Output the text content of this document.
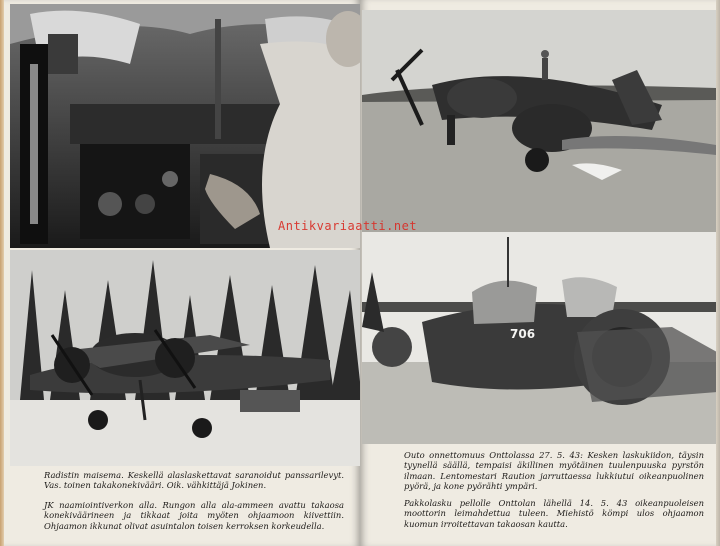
Radistin maisema. Keskellä alaslaskettavat saranoidut panssarilevyt. Vas. toinen takakonekivääri. Oik. vähkittäjä Jokinen.

JK naamiointiverkon alla. Rungon alla ala-ammeen avattu takaosa konekiväärineen ja tikkaat joita myöten ohjaamoon kiivettiin. Ohjaamon ikkunat olivat asuintalon toisen kerroksen korkeudella.

706

Outo onnettomuus Onttolassa 27. 5. 43: Kesken laskukiidon, täysin tyynellä säällä, tempaisi äkillinen myötäinen tuulenpuuska pyrstön ilmaan. Lentomestari Raution jarruttaessa lukkiutui oikeanpuolinen pyörä, ja kone pyörähti ympäri.

Pakkolasku pellolle Onttolan lähellä 14. 5. 43 oikeanpuoleisen moottorin leimahdettua tuleen. Miehistö kömpi ulos ohjaamon kuomun irroitettavan takaosan kautta.

Antikvariaatti.net
